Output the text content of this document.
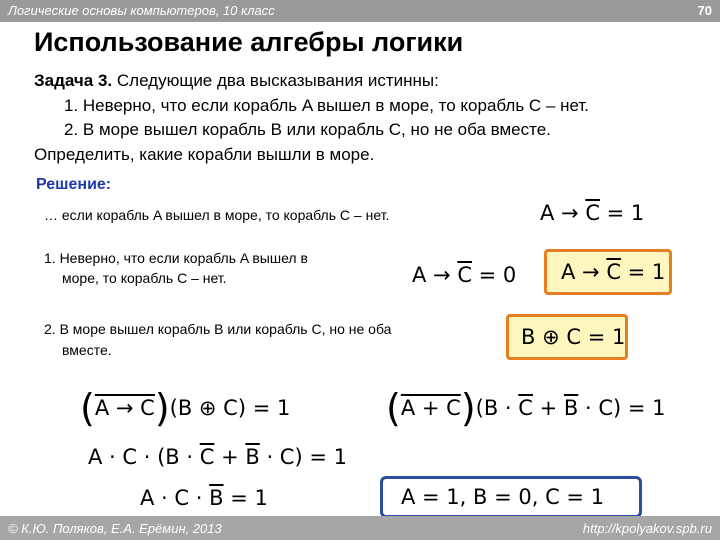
Логические основы компьютеров, 10 класс	70
Использование алгебры логики
Задача 3. Следующие два высказывания истинны:
1. Неверно, что если корабль A вышел в море, то корабль C – нет.
2. В море вышел корабль B или корабль C, но не оба вместе.
Определить, какие корабли вышли в море.
Решение:
… если корабль A вышел в море, то корабль C – нет.	$A \to \overline{C} = 1$
1. Неверно, что если корабль A вышел в
море, то корабль C – нет.	$A \to \overline{C} = 0$ $A \to \overline{C} = 1$
2. В море вышел корабль B или корабль C, но не оба
вместе.
B ⊕ C = 1
(A → C)(B ⊕ C) = 1	$(A + C)(B \cdot \overline{C} + \overline{B} \cdot C) = 1$
$A \cdot C \cdot (B \cdot \overline{C} + \overline{B} \cdot C) = 1$
$A \cdot C \cdot \overline{B} = 1$	A = 1, B = 0, C = 1
© К.Ю. Поляков, Е.А. Ерёмин, 2013	http://kpolyakov.spb.ru
